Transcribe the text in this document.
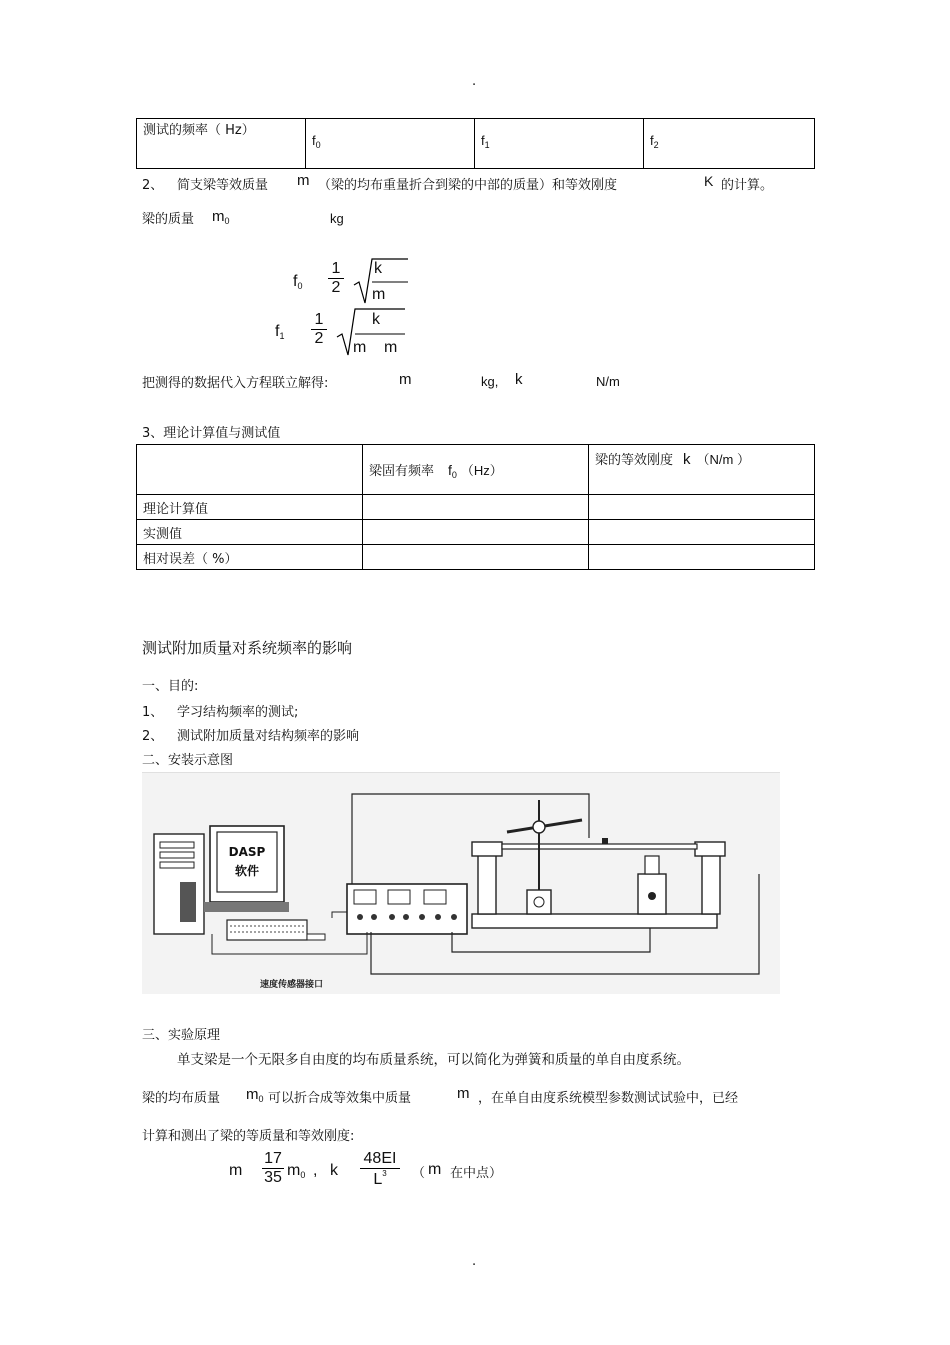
.
.
测试的频率（ Hz）	$f_0$	$f_1$	$f_2$
2、 简支梁等效质量 m （梁的均布重量折合到梁的中部的质量）和等效刚度	K 的计算。
梁的质量 $m_0$	kg
$f_0 \frac{1}{2}$ k
m
$f_1 \frac{1}{2}$	k
m m
把测得的数据代入方程联立解得:	m	kg, k	N/m
3、理论计算值与测试值
	梁固有频率 $f_0$ （Hz）	梁的等效刚度 k （N/m ）
理论计算值		
实测值		
相对误差（ %）		
测试附加质量对系统频率的影响
一、目的:
1、 学习结构频率的测试;
2、 测试附加质量对结构频率的影响
二、安装示意图
DASP
软件
速度传感器接口
三、实验原理
单支梁是一个无限多自由度的均布质量系统，可以简化为弹簧和质量的单自由度系统。
梁的均布质量 $m_0$ 可以折合成等效集中质量	m ，在单自由度系统模型参数测试试验中，已经
计算和测出了梁的等质量和等效刚度:
m $\frac{17}{35} m_0$ , k $\frac{48EI}{L^3}$ （ m 在中点）
